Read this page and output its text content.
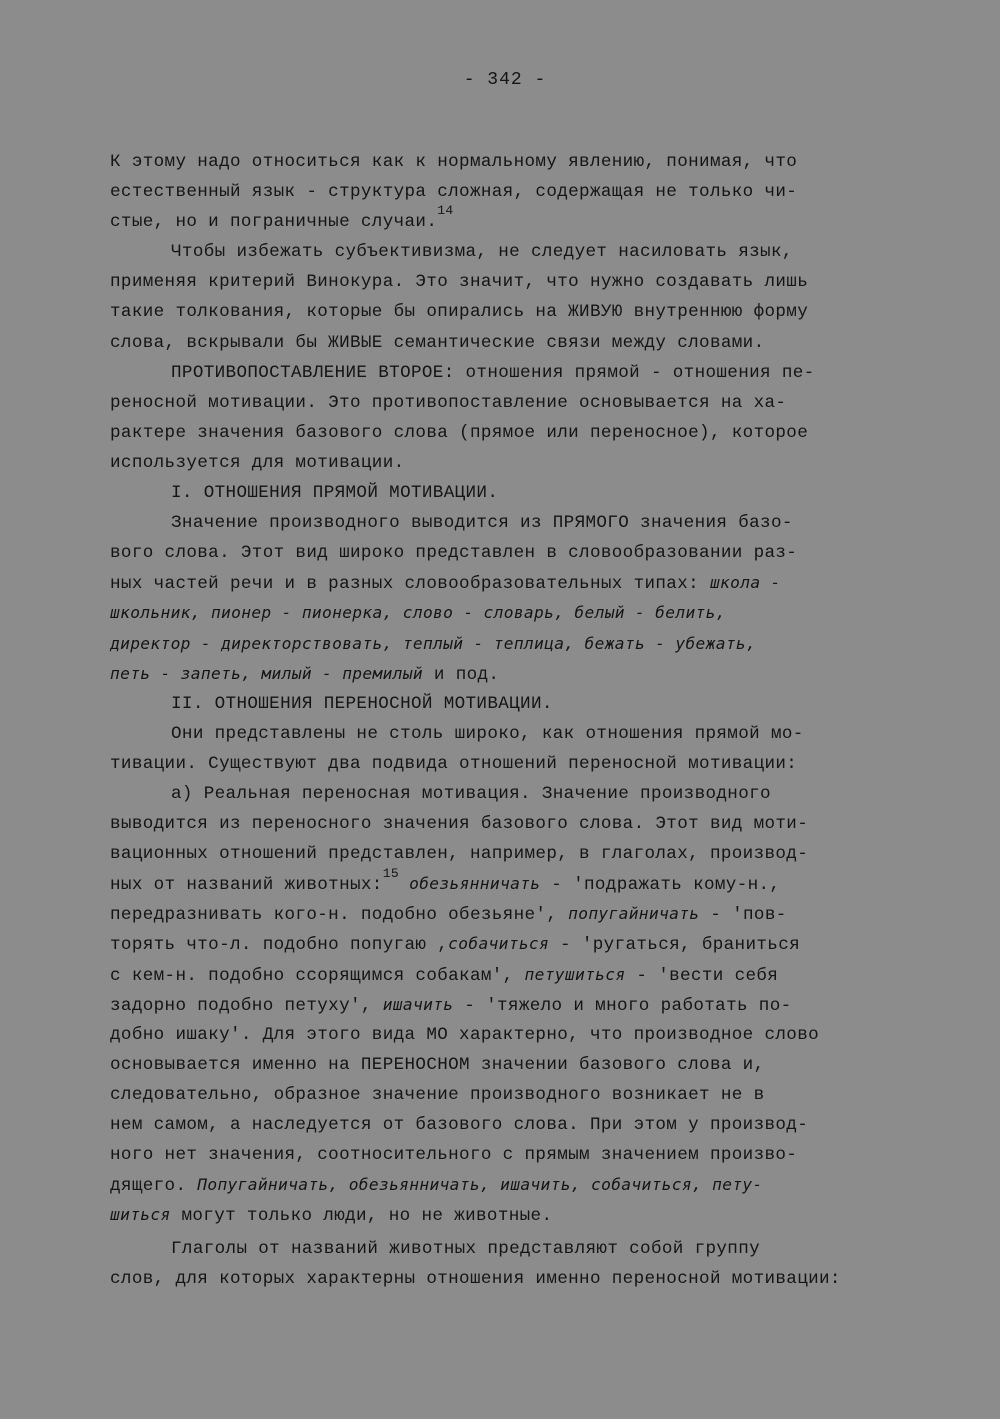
- 342 -
К этому надо относиться как к нормальному явлению, понимая, что
естественный язык - структура сложная, содержащая не только чи-
стые, но и пограничные случаи.$^{14}$
Чтобы избежать субъективизма, не следует насиловать язык,
применяя критерий Винокура. Это значит, что нужно создавать лишь
такие толкования, которые бы опирались на ЖИВУЮ внутреннюю форму
слова, вскрывали бы ЖИВЫЕ семантические связи между словами.
ПРОТИВОПОСТАВЛЕНИЕ ВТОРОЕ: отношения прямой - отношения пе-
реносной мотивации. Это противопоставление основывается на ха-
рактере значения базового слова (прямое или переносное), которое
используется для мотивации.
I. ОТНОШЕНИЯ ПРЯМОЙ МОТИВАЦИИ.
Значение производного выводится из ПРЯМОГО значения базо-
вого слова. Этот вид широко представлен в словообразовании раз-
ных частей речи и в разных словообразовательных типах: школа -
школьник, пионер - пионерка, слово - словарь, белый - белить,
директор - директорствовать, теплый - теплица, бежать - убежать,
петь - запеть, милый - премилый и под.
II. ОТНОШЕНИЯ ПЕРЕНОСНОЙ МОТИВАЦИИ.
Они представлены не столь широко, как отношения прямой мо-
тивации. Существуют два подвида отношений переносной мотивации:
а) Реальная переносная мотивация. Значение производного
выводится из переносного значения базового слова. Этот вид моти-
вационных отношений представлен, например, в глаголах, производ-
ных от названий животных:$^{15}$ обезьянничать - 'подражать кому-н.,
передразнивать кого-н. подобно обезьяне', попугайничать - 'пов-
торять что-л. подобно попугаю ,собачиться - 'ругаться, браниться
с кем-н. подобно ссорящимся собакам', петушиться - 'вести себя
задорно подобно петуху', ишачить - 'тяжело и много работать по-
добно ишаку'. Для этого вида МО характерно, что производное слово
основывается именно на ПЕРЕНОСНОМ значении базового слова и,
следовательно, образное значение производного возникает не в
нем самом, а наследуется от базового слова. При этом у производ-
ного нет значения, соотносительного с прямым значением произво-
дящего. Попугайничать, обезьянничать, ишачить, собачиться, пету-
шиться могут только люди, но не животные.
Глаголы от названий животных представляют собой группу
слов, для которых характерны отношения именно переносной мотивации:
